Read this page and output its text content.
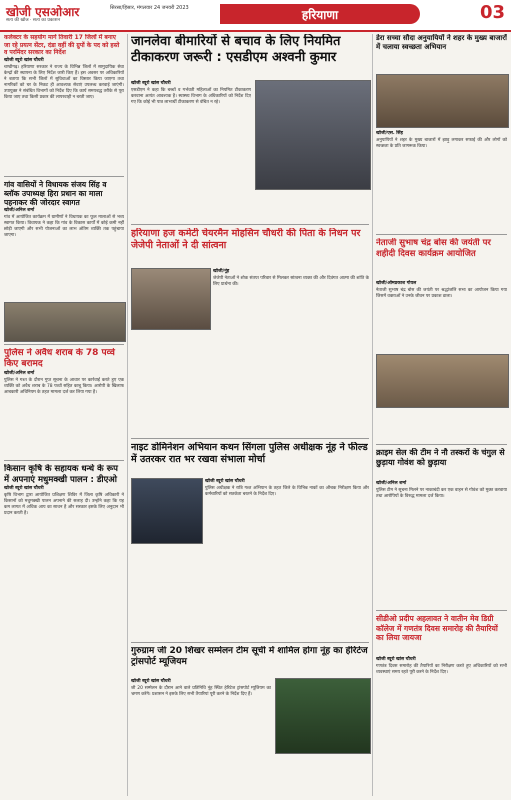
खोजी एसओआर
सत्य की खोज · सत्य का प्रकाशन
सिरसा/हिसार, मंगलवार 24 जनवरी 2023	हरियाणा	03
कलेक्टर के सहयोग मार्ग तिवारी 17 जिलों में बनाए जा रहे प्रयत्न सेंटर, दंडा वहीं की ग्रुपों के पद को हस्ते व परमिंदर सरकार का निर्देश
खोजी ब्यूरो खांस चौधरी
चण्डीगढ़। हरियाणा सरकार ने राज्य के विभिन्न जिलों में सामुदायिक सेवा केन्द्रों की स्थापना के लिए निर्देश जारी किए हैं। इस अवसर पर अधिकारियों ने बताया कि सभी जिलों में सुविधाओं का विस्तार किया जाएगा तथा नागरिकों को घर के निकट ही आवश्यक सेवाएं उपलब्ध करवाई जाएंगी। उपायुक्त ने संबंधित विभागों को निर्देश दिए कि कार्य समयबद्ध तरीके से पूरा किया जाए तथा किसी प्रकार की लापरवाही न बरती जाए।
गांव वासियों ने विधायक संजय सिंह व ब्लॉक उपाध्यक्ष हिरा प्रधान का माला पहनाकर की जोरदार स्वागत
खोजी/अनिल शर्मा
गांव में आयोजित कार्यक्रम में ग्रामीणों ने विधायक का फूल मालाओं से भव्य स्वागत किया। विधायक ने कहा कि गांव के विकास कार्यों में कोई कमी नहीं छोड़ी जाएगी और सभी योजनाओं का लाभ अंतिम व्यक्ति तक पहुंचाया जाएगा।
पुलिस ने अवैध शराब के 78 पव्वे किए बरामद
खोजी/अनिल शर्मा
पुलिस ने गश्त के दौरान गुप्त सूचना के आधार पर कार्रवाई करते हुए एक व्यक्ति को अवैध शराब के 78 पव्वों सहित काबू किया। आरोपी के खिलाफ आबकारी अधिनियम के तहत मामला दर्ज कर लिया गया है।
किसान कृषि के सहायक धन्धे के रूप में अपनाएं मधुमक्खी पालन : डीएओ
खोजी ब्यूरो खांस चौधरी
कृषि विभाग द्वारा आयोजित प्रशिक्षण शिविर में जिला कृषि अधिकारी ने किसानों को मधुमक्खी पालन अपनाने की सलाह दी। उन्होंने कहा कि यह कम लागत में अधिक आय का साधन है और सरकार इसके लिए अनुदान भी प्रदान करती है।
जानलेवा बीमारियों से बचाव के लिए नियमित टीकाकरण जरूरी : एसडीएम अश्वनी कुमार
खोजी ब्यूरो खांस चौधरी
एसडीएम ने कहा कि बच्चों व गर्भवती महिलाओं का नियमित टीकाकरण करवाना अत्यंत आवश्यक है। स्वास्थ्य विभाग के अधिकारियों को निर्देश दिए गए कि कोई भी पात्र लाभार्थी टीकाकरण से वंचित न रहे।
हरियाणा हज कमेटी चेयरमैन मोहसिन चौधरी की पिता के निधन पर जेजेपी नेताओं ने दी सांत्वना
खोजी/नूंह
जेजेपी नेताओं ने शोक संतप्त परिवार से मिलकर सांत्वना व्यक्त की और दिवंगत आत्मा की शांति के लिए प्रार्थना की।
नाइट डोमिनेशन अभियान कथन सिंगला पुलिस अधीक्षक नूंह ने फील्ड में उतरकर रात भर रखवा संभाला मोर्चा
खोजी ब्यूरो खांस चौधरी
पुलिस अधीक्षक ने रात्रि गश्त अभियान के तहत जिले के विभिन्न नाकों का औचक निरीक्षण किया और कर्मचारियों को सतर्कता बरतने के निर्देश दिए।
गुरुग्राम जी 20 शिखर सम्मेलन टीम सूची में शामिल होगा नूंह का हेरिटेज ट्रांसपोर्ट म्यूजियम
खोजी ब्यूरो खांस चौधरी
जी 20 सम्मेलन के दौरान आने वाले प्रतिनिधि नूंह स्थित हेरिटेज ट्रांसपोर्ट म्यूजियम का भ्रमण करेंगे। प्रशासन ने इसके लिए सभी तैयारियां पूरी करने के निर्देश दिए हैं।
डेरा सच्चा सौदा अनुयायियों ने शहर के मुख्य बाजारों में चलाया स्वच्छता अभियान
खोजी/एस. सिंह
अनुयायियों ने शहर के मुख्य बाजारों में झाड़ू लगाकर सफाई की और लोगों को स्वच्छता के प्रति जागरूक किया।
नेताजी सुभाष चंद्र बोस की जयंती पर शहीदी दिवस कार्यक्रम आयोजित
खोजी/ओमप्रकाश गोयल
नेताजी सुभाष चंद्र बोस की जयंती पर श्रद्धांजलि सभा का आयोजन किया गया जिसमें वक्ताओं ने उनके जीवन पर प्रकाश डाला।
क्राइम सेल की टीम ने नौ तस्करों के चंगुल से छुड़ाया गोवंश को छुड़ाया
खोजी/अनिल शर्मा
पुलिस टीम ने सूचना मिलने पर नाकाबंदी कर एक वाहन से गोवंश को मुक्त करवाया तथा आरोपियों के विरुद्ध मामला दर्ज किया।
सीडीओ प्रदीप अहलावत ने वातीन मेव डिग्री कॉलेज में गणतंत्र दिवस समारोह की तैयारियों का लिया जायजा
खोजी ब्यूरो खांस चौधरी
गणतंत्र दिवस समारोह की तैयारियों का निरीक्षण करते हुए अधिकारियों को सभी व्यवस्थाएं समय रहते पूरी करने के निर्देश दिए।
